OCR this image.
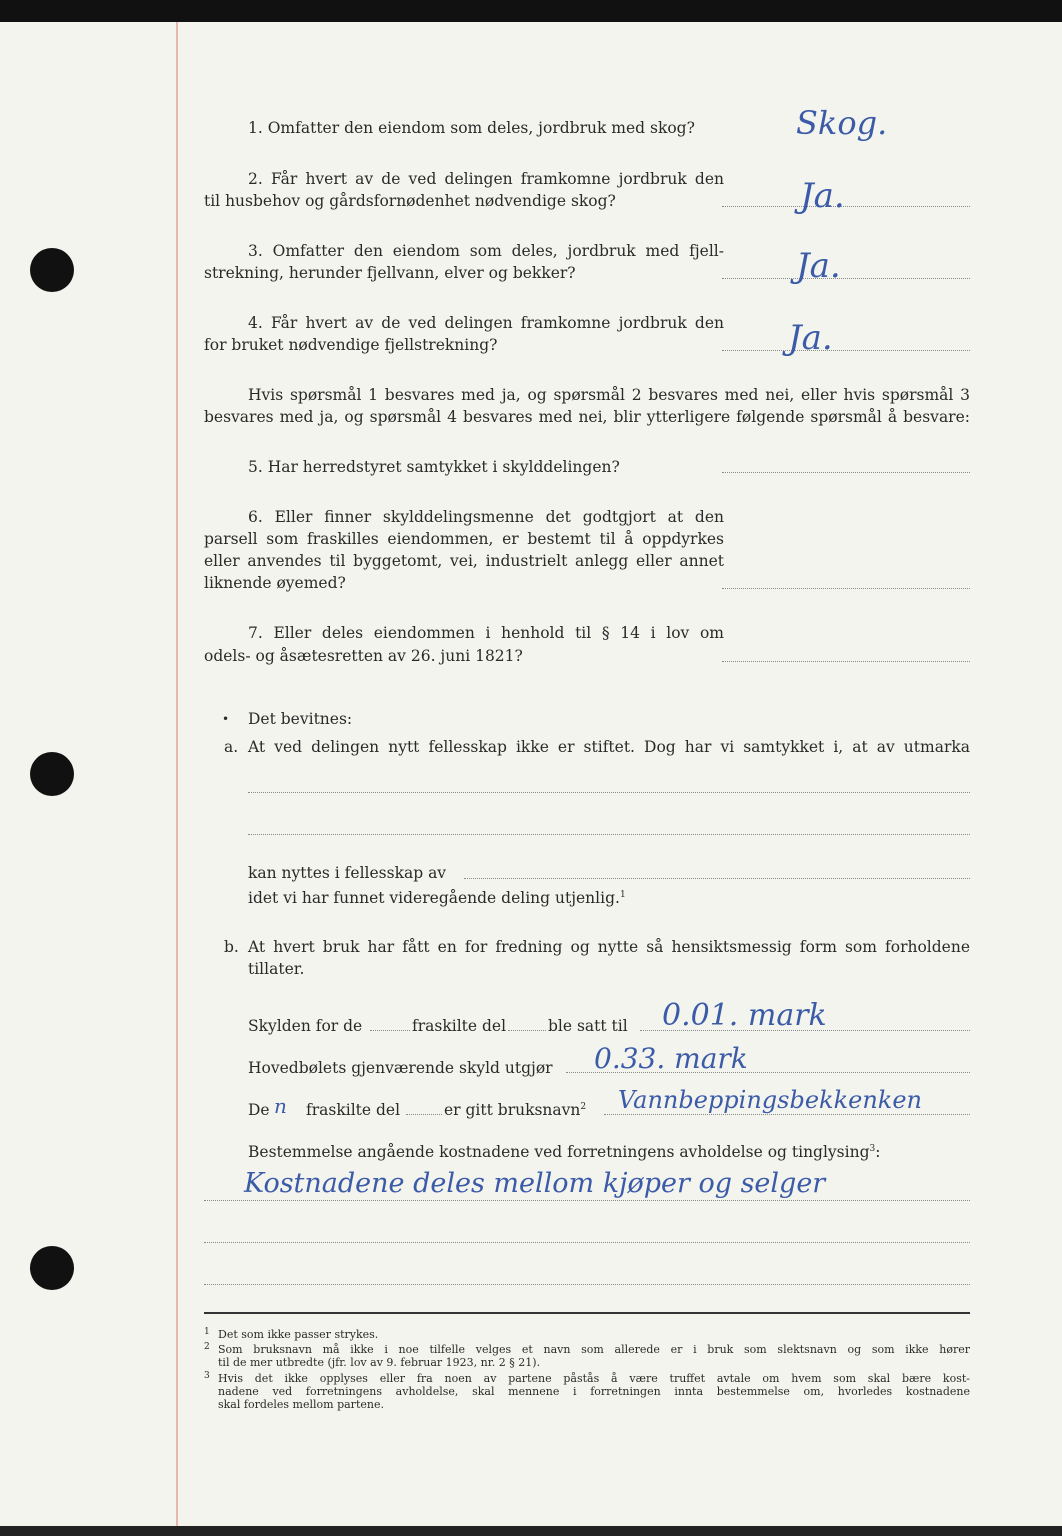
1. Omfatter den eiendom som deles, jordbruk med skog?	Skog.
2. Får hvert av de ved delingen framkomne jordbruk den
til husbehov og gårdsfornødenhet nødvendige skog?	Ja.
3. Omfatter den eiendom som deles, jordbruk med fjell-
strekning, herunder fjellvann, elver og bekker?	Ja.
4. Får hvert av de ved delingen framkomne jordbruk den
for bruket nødvendige fjellstrekning?	Ja.
Hvis spørsmål 1 besvares med ja, og spørsmål 2 besvares med nei, eller hvis spørsmål 3
besvares med ja, og spørsmål 4 besvares med nei, blir ytterligere følgende spørsmål å besvare:
5. Har herredstyret samtykket i skylddelingen?
6. Eller finner skylddelingsmenne det godtgjort at den
parsell som fraskilles eiendommen, er bestemt til å oppdyrkes
eller anvendes til byggetomt, vei, industrielt anlegg eller annet
liknende øyemed?
7. Eller deles eiendommen i henhold til § 14 i lov om
odels- og åsætesretten av 26. juni 1821?
• Det bevitnes:
a. At ved delingen nytt fellesskap ikke er stiftet. Dog har vi samtykket i, at av utmarka
kan nyttes i fellesskap av
idet vi har funnet videregående deling utjenlig.$^1$
b. At hvert bruk har fått en for fredning og nytte så hensiktsmessig form som forholdene
tillater.
Skylden for de	fraskilte del	ble satt til 0.01. mark
Hovedbølets gjenværende skyld utgjør 0.33. mark
De n fraskilte del	er gitt bruksnavn$^2$ Vannbeppingsbekkenken
Bestemmelse angående kostnadene ved forretningens avholdelse og tinglysing$^3$:
Kostnadene deles mellom kjøper og selger
1 Det som ikke passer strykes.
2 Som bruksnavn må ikke i noe tilfelle velges et navn som allerede er i bruk som slektsnavn og som ikke hører
til de mer utbredte (jfr. lov av 9. februar 1923, nr. 2 § 21).
3 Hvis det ikke opplyses eller fra noen av partene påstås å være truffet avtale om hvem som skal bære kost-
nadene ved forretningens avholdelse, skal mennene i forretningen innta bestemmelse om, hvorledes kostnadene
skal fordeles mellom partene.
